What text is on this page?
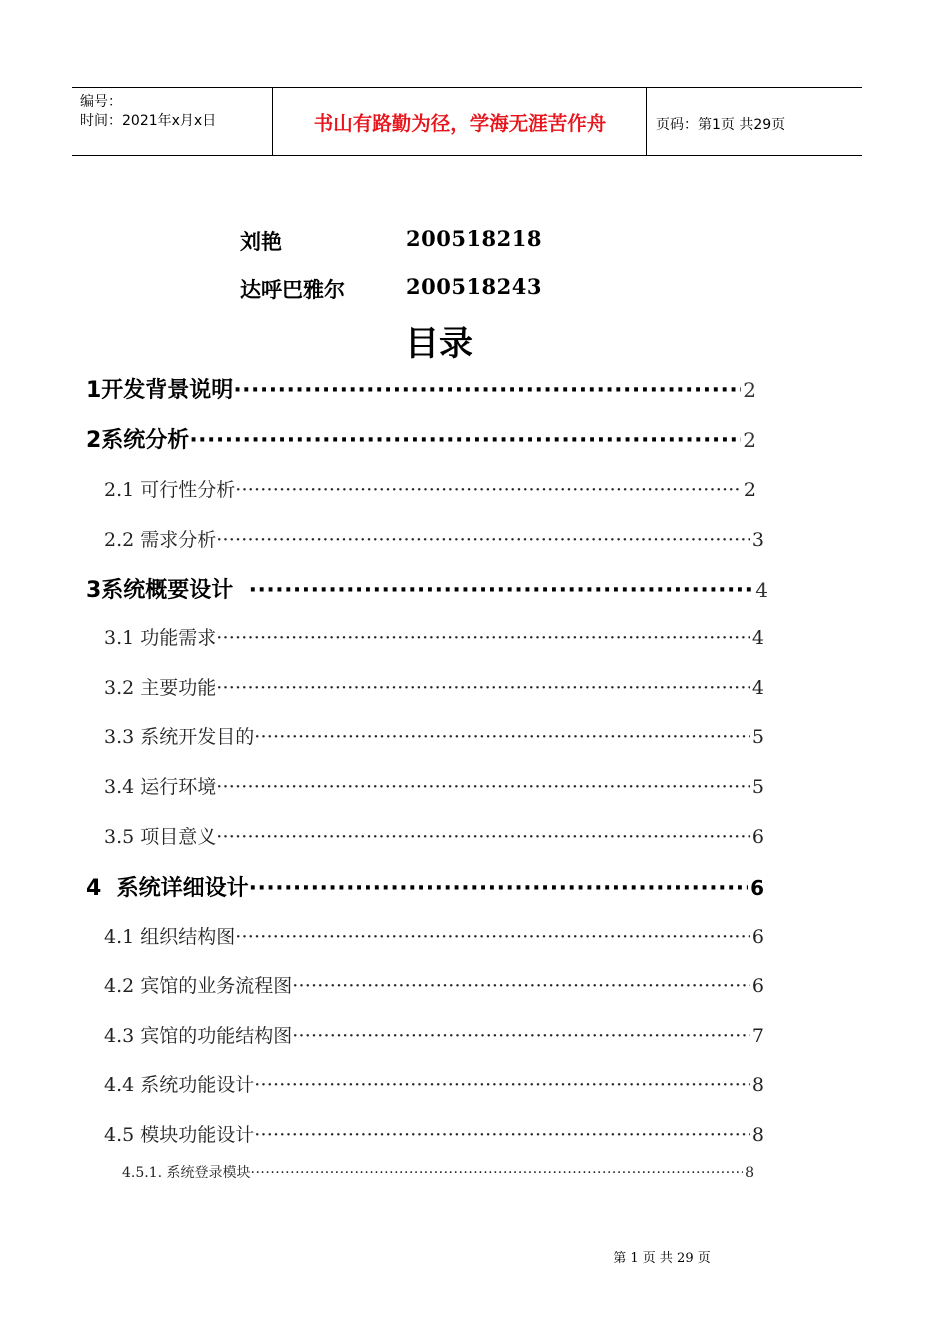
编号：
时间：2021年x月x日	书山有路勤为径，学海无涯苦作舟	页码：第1页 共29页
刘艳	200518218
达呼巴雅尔	200518243
目录
1开发背景说明 ·····	2
2系统分析 ·····	2
2.1 可行性分析 ·····	2
2.2 需求分析 ·····	3
3系统概要设计 ·····	4
3.1 功能需求 ·····	4
3.2 主要功能 ·····	4
3.3 系统开发目的 ·····	5
3.4 运行环境 ·····	5
3.5 项目意义 ·····	6
4  系统详细设计 ·····	6
4.1 组织结构图 ·····	6
4.2 宾馆的业务流程图 ·····	6
4.3 宾馆的功能结构图 ·····	7
4.4 系统功能设计 ·····	8
4.5 模块功能设计 ·····	8
4.5.1. 系统登录模块 ·····	8
第 1 页 共 29 页
